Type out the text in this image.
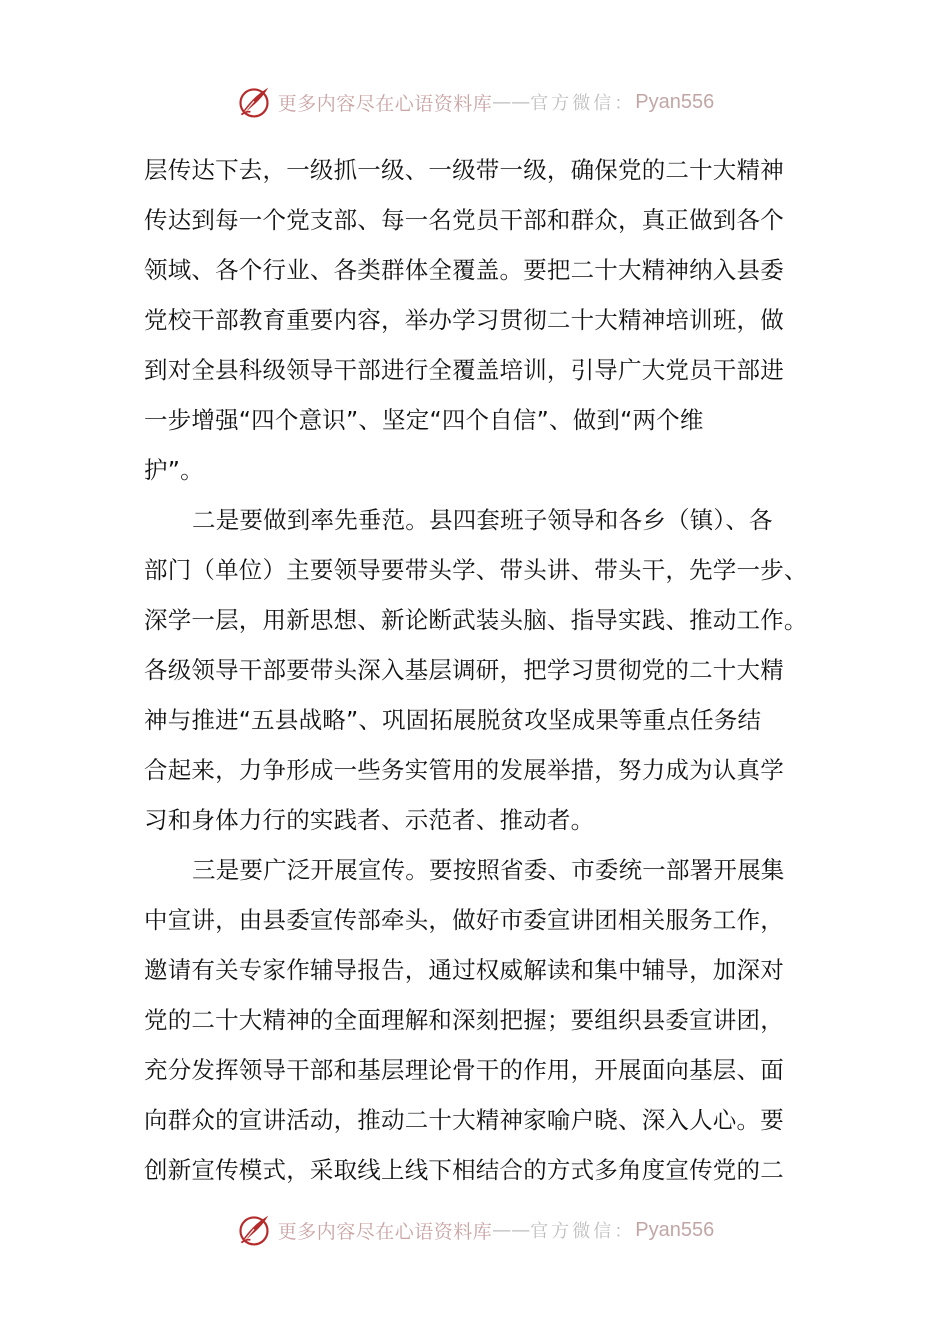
更多内容尽在心语资料库 —— 官方微信： Pyan556
层传达下去，一级抓一级、一级带一级，确保党的二十大精神
传达到每一个党支部、每一名党员干部和群众，真正做到各个
领域、各个行业、各类群体全覆盖。要把二十大精神纳入县委
党校干部教育重要内容，举办学习贯彻二十大精神培训班，做
到对全县科级领导干部进行全覆盖培训，引导广大党员干部进
一步增强“四个意识”、坚定“四个自信”、做到“两个维
护”。
二是要做到率先垂范。县四套班子领导和各乡（镇）、各
部门（单位）主要领导要带头学、带头讲、带头干，先学一步、
深学一层，用新思想、新论断武装头脑、指导实践、推动工作。
各级领导干部要带头深入基层调研，把学习贯彻党的二十大精
神与推进“五县战略”、巩固拓展脱贫攻坚成果等重点任务结
合起来，力争形成一些务实管用的发展举措，努力成为认真学
习和身体力行的实践者、示范者、推动者。
三是要广泛开展宣传。要按照省委、市委统一部署开展集
中宣讲，由县委宣传部牵头，做好市委宣讲团相关服务工作，
邀请有关专家作辅导报告，通过权威解读和集中辅导，加深对
党的二十大精神的全面理解和深刻把握；要组织县委宣讲团，
充分发挥领导干部和基层理论骨干的作用，开展面向基层、面
向群众的宣讲活动，推动二十大精神家喻户晓、深入人心。要
创新宣传模式，采取线上线下相结合的方式多角度宣传党的二
更多内容尽在心语资料库 —— 官方微信： Pyan556
